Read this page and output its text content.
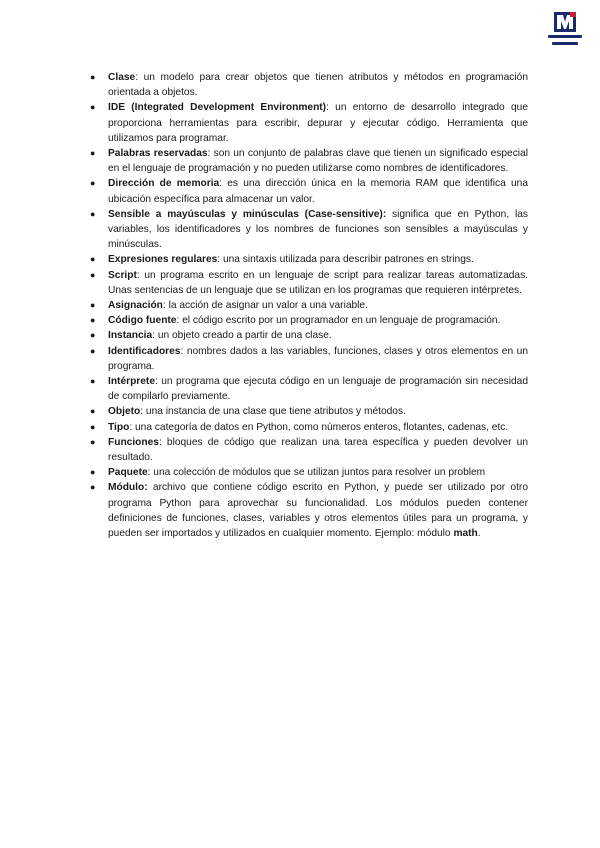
● Clase: un modelo para crear objetos que tienen atributos y métodos en programación orientada a objetos.
● IDE (Integrated Development Environment): un entorno de desarrollo integrado que proporciona herramientas para escribir, depurar y ejecutar código. Herramienta que utilizamos para programar.
● Palabras reservadas: son un conjunto de palabras clave que tienen un significado especial en el lenguaje de programación y no pueden utilizarse como nombres de identificadores.
● Dirección de memoria: es una dirección única en la memoria RAM que identifica una ubicación específica para almacenar un valor.
● Sensible a mayúsculas y minúsculas (Case-sensitive): significa que en Python, las variables, los identificadores y los nombres de funciones son sensibles a mayúsculas y minúsculas.
● Expresiones regulares: una sintaxis utilizada para describir patrones en strings.
● Script: un programa escrito en un lenguaje de script para realizar tareas automatizadas. Unas sentencias de un lenguaje que se utilizan en los programas que requieren intérpretes.
● Asignación: la acción de asignar un valor a una variable.
● Código fuente: el código escrito por un programador en un lenguaje de programación.
● Instancia: un objeto creado a partir de una clase.
● Identificadores: nombres dados a las variables, funciones, clases y otros elementos en un programa.
● Intérprete: un programa que ejecuta código en un lenguaje de programación sin necesidad de compilarlo previamente.
● Objeto: una instancia de una clase que tiene atributos y métodos.
● Tipo: una categoría de datos en Python, como números enteros, flotantes, cadenas, etc.
● Funciones: bloques de código que realizan una tarea específica y pueden devolver un resultado.
● Paquete: una colección de módulos que se utilizan juntos para resolver un problem
● Módulo: archivo que contiene código escrito en Python, y puede ser utilizado por otro programa Python para aprovechar su funcionalidad. Los módulos pueden contener definiciones de funciones, clases, variables y otros elementos útiles para un programa, y pueden ser importados y utilizados en cualquier momento. Ejemplo: módulo math.
